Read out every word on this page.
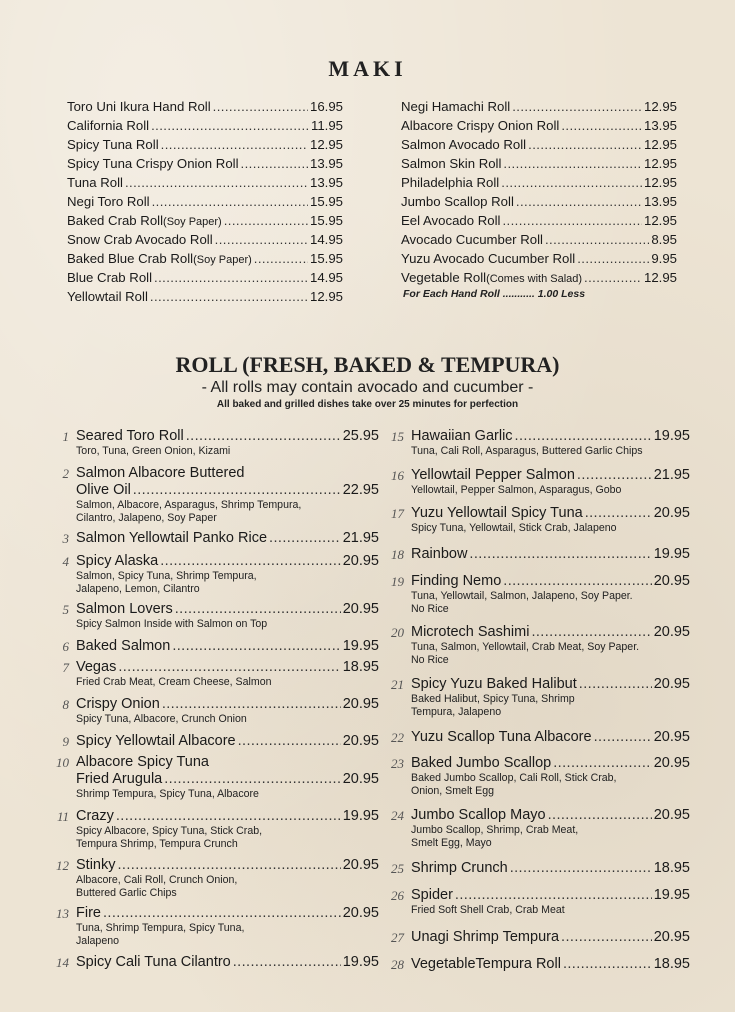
MAKI
Toro Uni Ikura Hand Roll .....	16.95
California Roll .....	11.95
Spicy Tuna Roll .....	12.95
Spicy Tuna Crispy Onion Roll .....	13.95
Tuna Roll .....	13.95
Negi Toro Roll .....	15.95
Baked Crab Roll(Soy Paper) .....	15.95
Snow Crab Avocado Roll .....	14.95
Baked Blue Crab Roll(Soy Paper) .....	15.95
Blue Crab Roll .....	14.95
Yellowtail Roll .....	12.95
Negi Hamachi Roll .....	12.95
Albacore Crispy Onion Roll .....	13.95
Salmon Avocado Roll .....	12.95
Salmon Skin Roll .....	12.95
Philadelphia Roll .....	12.95
Jumbo Scallop Roll .....	13.95
Eel Avocado Roll .....	12.95
Avocado Cucumber Roll .....	8.95
Yuzu Avocado Cucumber Roll .....	9.95
Vegetable Roll(Comes with Salad) .....	12.95
For Each Hand Roll ........... 1.00 Less
ROLL (FRESH, BAKED & TEMPURA)
- All rolls may contain avocado and cucumber -
All baked and grilled dishes take over 25 minutes for perfection
1 Seared Toro Roll .....	25.95
Toro, Tuna, Green Onion, Kizami
2 Salmon Albacore Buttered
Olive Oil .....	22.95
Salmon, Albacore, Asparagus, Shrimp Tempura,
Cilantro, Jalapeno, Soy Paper
3 Salmon Yellowtail Panko Rice .....	21.95
4 Spicy Alaska .....	20.95
Salmon, Spicy Tuna, Shrimp Tempura,
Jalapeno, Lemon, Cilantro
5 Salmon Lovers .....	20.95
Spicy Salmon Inside with Salmon on Top
6 Baked Salmon .....	19.95
7 Vegas .....	18.95
Fried Crab Meat, Cream Cheese, Salmon
8 Crispy Onion .....	20.95
Spicy Tuna, Albacore, Crunch Onion
9 Spicy Yellowtail Albacore .....	20.95
10 Albacore Spicy Tuna
Fried Arugula .....	20.95
Shrimp Tempura, Spicy Tuna, Albacore
11 Crazy .....	19.95
Spicy Albacore, Spicy Tuna, Stick Crab,
Tempura Shrimp, Tempura Crunch
12 Stinky .....	20.95
Albacore, Cali Roll, Crunch Onion,
Buttered Garlic Chips
13 Fire .....	20.95
Tuna, Shrimp Tempura, Spicy Tuna,
Jalapeno
14 Spicy Cali Tuna Cilantro .....	19.95
15 Hawaiian Garlic .....	19.95
Tuna, Cali Roll, Asparagus, Buttered Garlic Chips
16 Yellowtail Pepper Salmon .....	21.95
Yellowtail, Pepper Salmon, Asparagus, Gobo
17 Yuzu Yellowtail Spicy Tuna .....	20.95
Spicy Tuna, Yellowtail, Stick Crab, Jalapeno
18 Rainbow .....	19.95
19 Finding Nemo .....	20.95
Tuna, Yellowtail, Salmon, Jalapeno, Soy Paper.
No Rice
20 Microtech Sashimi .....	20.95
Tuna, Salmon, Yellowtail, Crab Meat, Soy Paper.
No Rice
21 Spicy Yuzu Baked Halibut .....	20.95
Baked Halibut, Spicy Tuna, Shrimp
Tempura, Jalapeno
22 Yuzu Scallop Tuna Albacore .....	20.95
23 Baked Jumbo Scallop .....	20.95
Baked Jumbo Scallop, Cali Roll, Stick Crab,
Onion, Smelt Egg
24 Jumbo Scallop Mayo .....	20.95
Jumbo Scallop, Shrimp, Crab Meat,
Smelt Egg, Mayo
25 Shrimp Crunch .....	18.95
26 Spider .....	19.95
Fried Soft Shell Crab, Crab Meat
27 Unagi Shrimp Tempura .....	20.95
28 VegetableTempura Roll .....	18.95
